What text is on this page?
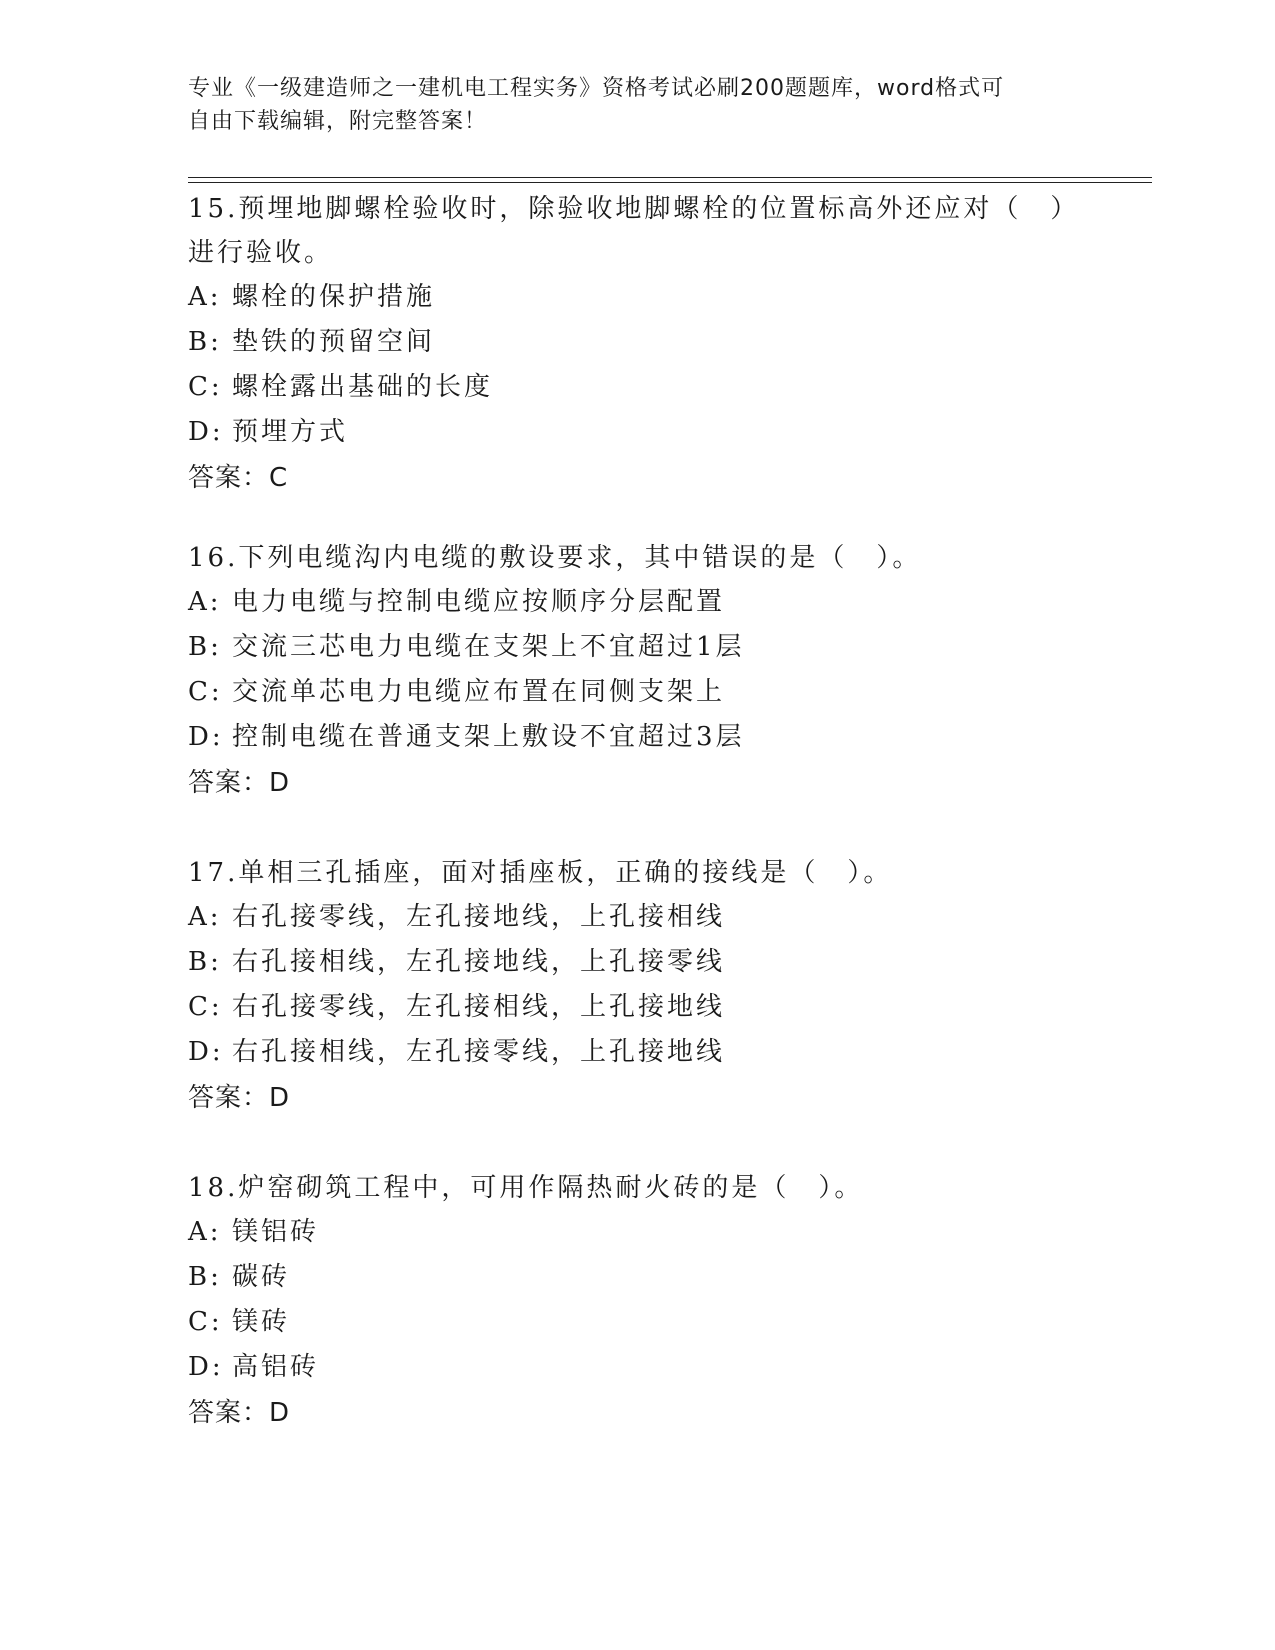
专业《一级建造师之一建机电工程实务》资格考试必刷200题题库，word格式可
自由下载编辑，附完整答案！
15.预埋地脚螺栓验收时，除验收地脚螺栓的位置标高外还应对（　）
进行验收。
A: 螺栓的保护措施
B: 垫铁的预留空间
C: 螺栓露出基础的长度
D: 预埋方式
答案：C
16.下列电缆沟内电缆的敷设要求，其中错误的是（　）。
A: 电力电缆与控制电缆应按顺序分层配置
B: 交流三芯电力电缆在支架上不宜超过1层
C: 交流单芯电力电缆应布置在同侧支架上
D: 控制电缆在普通支架上敷设不宜超过3层
答案：D
17.单相三孔插座，面对插座板，正确的接线是（　）。
A: 右孔接零线，左孔接地线，上孔接相线
B: 右孔接相线，左孔接地线，上孔接零线
C: 右孔接零线，左孔接相线，上孔接地线
D: 右孔接相线，左孔接零线，上孔接地线
答案：D
18.炉窑砌筑工程中，可用作隔热耐火砖的是（　）。
A: 镁铝砖
B: 碳砖
C: 镁砖
D: 高铝砖
答案：D
